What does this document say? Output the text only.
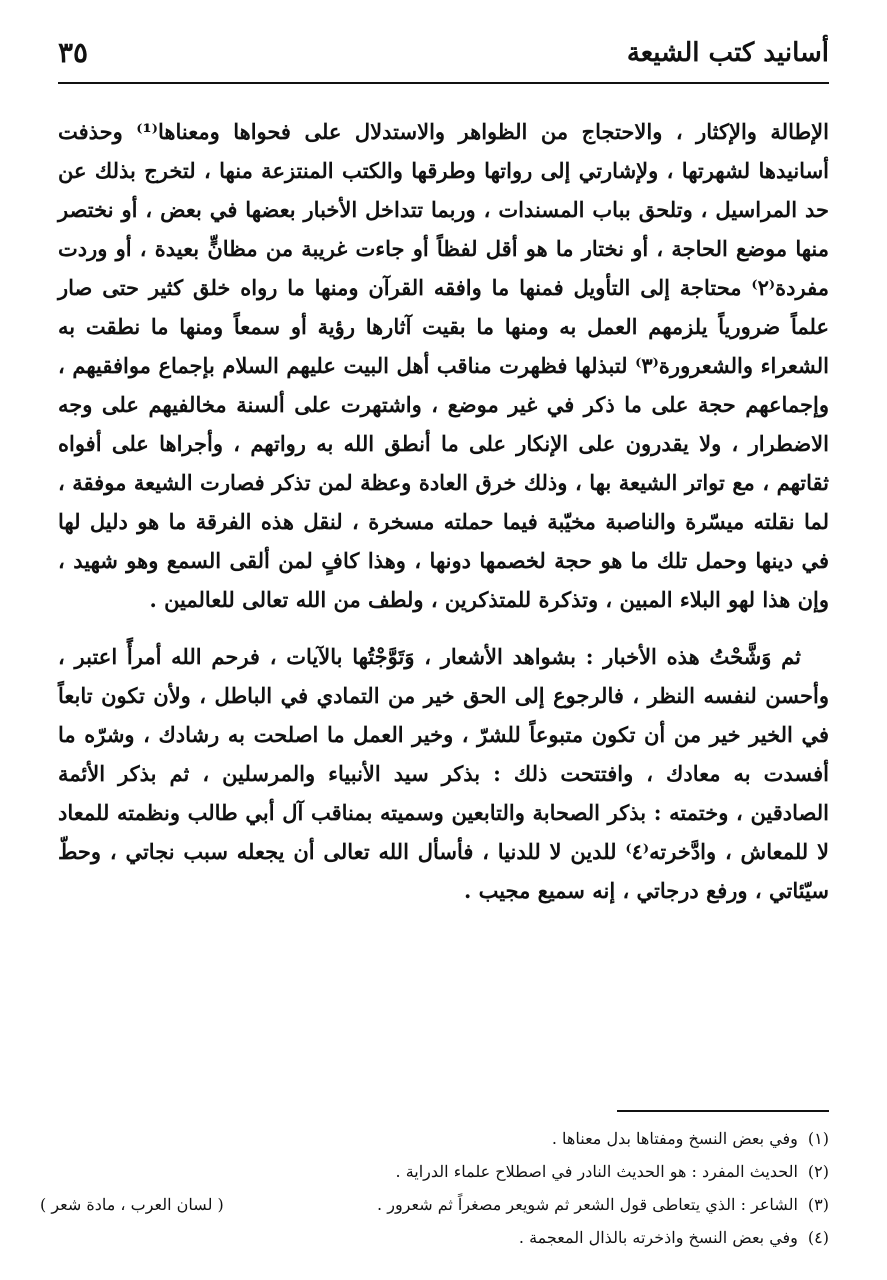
أسانيد كتب الشيعة
٣٥

الإطالة والإكثار ، والاحتجاج من الظواهر والاستدلال على فحواها ومعناها⁽¹⁾ وحذفت أسانيدها لشهرتها ، ولإشارتي إلى رواتها وطرقها والكتب المنتزعة منها ، لتخرج بذلك عن حد المراسيل ، وتلحق بباب المسندات ، وربما تتداخل الأخبار بعضها في بعض ، أو نختصر منها موضع الحاجة ، أو نختار ما هو أقل لفظاً أو جاءت غريبة من مظانٍّ بعيدة ، أو وردت مفردة⁽٢⁾ محتاجة إلى التأويل فمنها ما وافقه القرآن ومنها ما رواه خلق كثير حتى صار علماً ضرورياً يلزمهم العمل به ومنها ما بقيت آثارها رؤية أو سمعاً ومنها ما نطقت به الشعراء والشعرورة⁽٣⁾ لتبذلها فظهرت مناقب أهل البيت عليهم السلام بإجماع موافقيهم ، وإجماعهم حجة على ما ذكر في غير موضع ، واشتهرت على ألسنة مخالفيهم على وجه الاضطرار ، ولا يقدرون على الإنكار على ما أنطق الله به رواتهم ، وأجراها على أفواه ثقاتهم ، مع تواتر الشيعة بها ، وذلك خرق العادة وعظة لمن تذكر فصارت الشيعة موفقة ، لما نقلته ميسّرة والناصبة مخيّبة فيما حملته مسخرة ، لنقل هذه الفرقة ما هو دليل لها في دينها وحمل تلك ما هو حجة لخصمها دونها ، وهذا كافٍ لمن ألقى السمع وهو شهيد ، وإن هذا لهو البلاء المبين ، وتذكرة للمتذكرين ، ولطف من الله تعالى للعالمين .

ثم وَشَّحْتُ هذه الأخبار : بشواهد الأشعار ، وَتَوَّجْتُها بالآيات ، فرحم الله أمرأً اعتبر ، وأحسن لنفسه النظر ، فالرجوع إلى الحق خير من التمادي في الباطل ، ولأن تكون تابعاً في الخير خير من أن تكون متبوعاً للشرّ ، وخير العمل ما اصلحت به رشادك ، وشرّه ما أفسدت به معادك ، وافتتحت ذلك : بذكر سيد الأنبياء والمرسلين ، ثم بذكر الأئمة الصادقين ، وختمته : بذكر الصحابة والتابعين وسميته بمناقب آل أبي طالب ونظمته للمعاد لا للمعاش ، وادَّخرته⁽٤⁾ للدين لا للدنيا ، فأسأل الله تعالى أن يجعله سبب نجاتي ، وحطّ سيّئاتي ، ورفع درجاتي ، إنه سميع مجيب .

(١)وفي بعض النسخ ومفتاها بدل معناها .
(٢)الحديث المفرد : هو الحديث النادر في اصطلاح علماء الدراية .
(٣)الشاعر : الذي يتعاطى قول الشعر ثم شويعر مصغراً ثم شعرور .
( لسان العرب ، مادة شعر )
(٤)وفي بعض النسخ واذخرته بالذال المعجمة .
